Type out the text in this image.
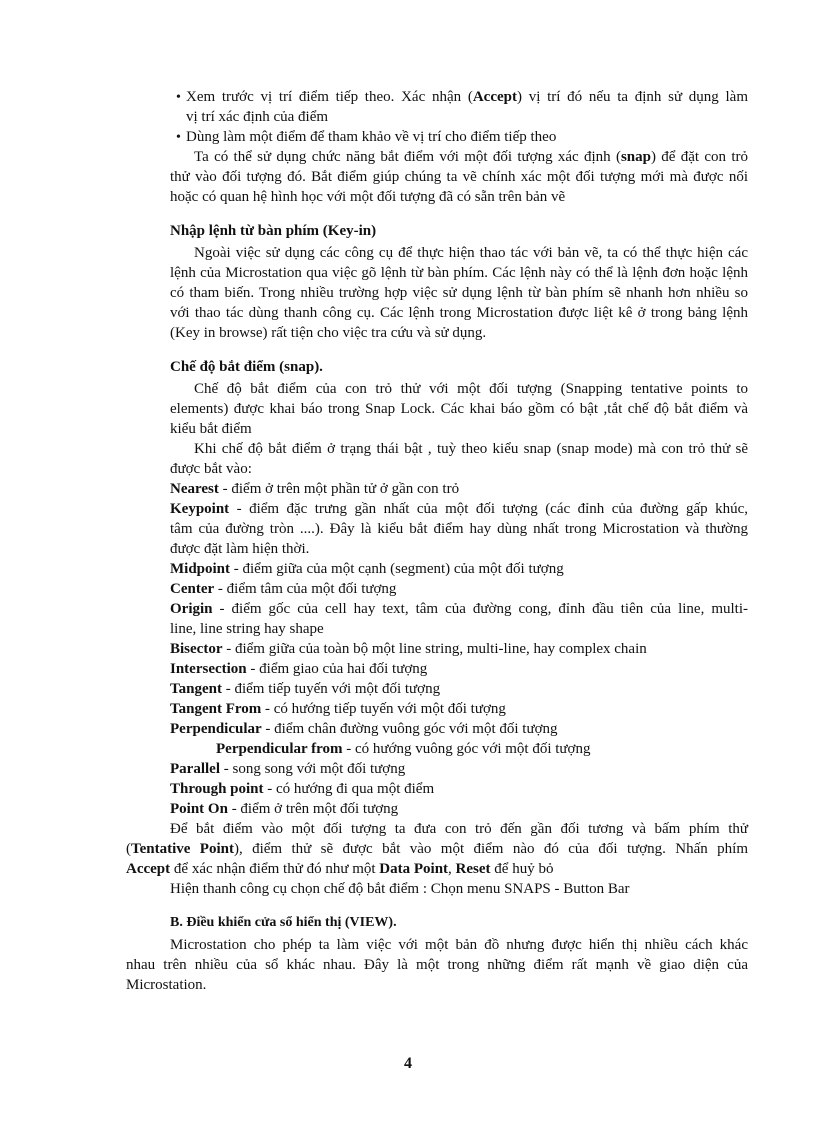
• Xem trước vị trí điểm tiếp theo. Xác nhận (Accept) vị trí đó nếu ta định sử dụng làm
vị trí xác định của điểm
• Dùng làm một điểm để tham khảo về vị trí cho điểm tiếp theo
Ta có thể sử dụng chức năng bắt điểm với một đối tượng xác định (snap) để đặt con trỏ
thử vào đối tượng đó. Bắt điểm giúp chúng ta vẽ chính xác một đối tượng mới mà được nối
hoặc có quan hệ hình học với một đối tượng đã có sẵn trên bản vẽ
Nhập lệnh từ bàn phím (Key-in)
Ngoài việc sử dụng các công cụ để thực hiện thao tác với bản vẽ, ta có thể thực hiện các
lệnh của Microstation qua việc gõ lệnh từ bàn phím. Các lệnh này có thể là lệnh đơn hoặc lệnh
có tham biến. Trong nhiều trường hợp việc sử dụng lệnh từ bàn phím sẽ nhanh hơn nhiều so
với thao tác dùng thanh công cụ. Các lệnh trong Microstation được liệt kê ở trong bảng lệnh
(Key in browse) rất tiện cho việc tra cứu và sử dụng.
Chế độ bắt điểm (snap).
Chế độ bắt điểm của con trỏ thử với một đối tượng (Snapping tentative points to
elements) được khai báo trong Snap Lock. Các khai báo gồm có bật ,tắt chế độ bắt điểm và
kiểu bắt điểm
Khi chế độ bắt điểm ở trạng thái bật , tuỳ theo kiểu snap (snap mode) mà con trỏ thử sẽ
được bắt vào:
Nearest - điểm ở trên một phần tử ở gần con trỏ
Keypoint - điểm đặc trưng gần nhất của một đối tượng (các đỉnh của đường gấp khúc,
tâm của đường tròn ....). Đây là kiểu bắt điểm hay dùng nhất trong Microstation và thường
được đặt làm hiện thời.
Midpoint - điểm giữa của một cạnh (segment) của một đối tượng
Center - điểm tâm của một đối tượng
Origin - điểm gốc của cell hay text, tâm của đường cong, đỉnh đầu tiên của line, multi-
line, line string hay shape
Bisector - điểm giữa của toàn bộ một line string, multi-line, hay complex chain
Intersection - điểm giao của hai đối tượng
Tangent - điểm tiếp tuyến với một đối tượng
Tangent From - có hướng tiếp tuyến với một đối tượng
Perpendicular - điểm chân đường vuông góc với một đối tượng
Perpendicular from - có hướng vuông góc với một đối tượng
Parallel - song song với một đối tượng
Through point - có hướng đi qua một điểm
Point On - điểm ở trên một đối tượng
Để bắt điểm vào một đối tượng ta đưa con trỏ đến gần đối tương và bấm phím thử
(Tentative Point), điểm thử sẽ được bắt vào một điểm nào đó của đối tượng. Nhấn phím
Accept để xác nhận điểm thử đó như một Data Point, Reset để huỷ bỏ
Hiện thanh công cụ chọn chế độ bắt điểm : Chọn menu SNAPS - Button Bar
B. Điều khiển cửa sổ hiển thị (VIEW).
Microstation cho phép ta làm việc với một bản đồ nhưng được hiển thị nhiều cách khác
nhau trên nhiều của sổ khác nhau. Đây là một trong những điểm rất mạnh về giao diện của
Microstation.
4
